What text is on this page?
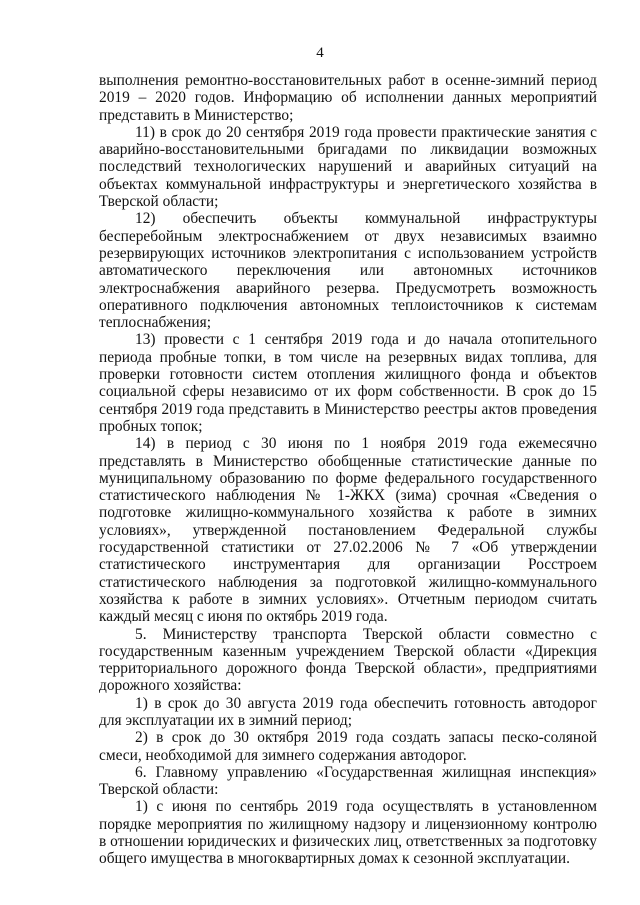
4

выполнения ремонтно-восстановительных работ в осенне-зимний период 2019 – 2020 годов. Информацию об исполнении данных мероприятий представить в Министерство;

11) в срок до 20 сентября 2019 года провести практические занятия с аварийно-восстановительными бригадами по ликвидации возможных последствий технологических нарушений и аварийных ситуаций на объектах коммунальной инфраструктуры и энергетического хозяйства в Тверской области;

12) обеспечить объекты коммунальной инфраструктуры бесперебойным электроснабжением от двух независимых взаимно резервирующих источников электропитания с использованием устройств автоматического переключения или автономных источников электроснабжения аварийного резерва. Предусмотреть возможность оперативного подключения автономных теплоисточников к системам теплоснабжения;

13) провести с 1 сентября 2019 года и до начала отопительного периода пробные топки, в том числе на резервных видах топлива, для проверки готовности систем отопления жилищного фонда и объектов социальной сферы независимо от их форм собственности. В срок до 15 сентября 2019 года представить в Министерство реестры актов проведения пробных топок;

14) в период с 30 июня по 1 ноября 2019 года ежемесячно представлять в Министерство обобщенные статистические данные по муниципальному образованию по форме федерального государственного статистического наблюдения № 1-ЖКХ (зима) срочная «Сведения о подготовке жилищно-коммунального хозяйства к работе в зимних условиях», утвержденной постановлением Федеральной службы государственной статистики от 27.02.2006 № 7 «Об утверждении статистического инструментария для организации Росстроем статистического наблюдения за подготовкой жилищно-коммунального хозяйства к работе в зимних условиях». Отчетным периодом считать каждый месяц с июня по октябрь 2019 года.

5. Министерству транспорта Тверской области совместно с государственным казенным учреждением Тверской области «Дирекция территориального дорожного фонда Тверской области», предприятиями дорожного хозяйства:

1) в срок до 30 августа 2019 года обеспечить готовность автодорог для эксплуатации их в зимний период;

2) в срок до 30 октября 2019 года создать запасы песко-соляной смеси, необходимой для зимнего содержания автодорог.

6. Главному управлению «Государственная жилищная инспекция» Тверской области:

1) с июня по сентябрь 2019 года осуществлять в установленном порядке мероприятия по жилищному надзору и лицензионному контролю в отношении юридических и физических лиц, ответственных за подготовку общего имущества в многоквартирных домах к сезонной эксплуатации.
